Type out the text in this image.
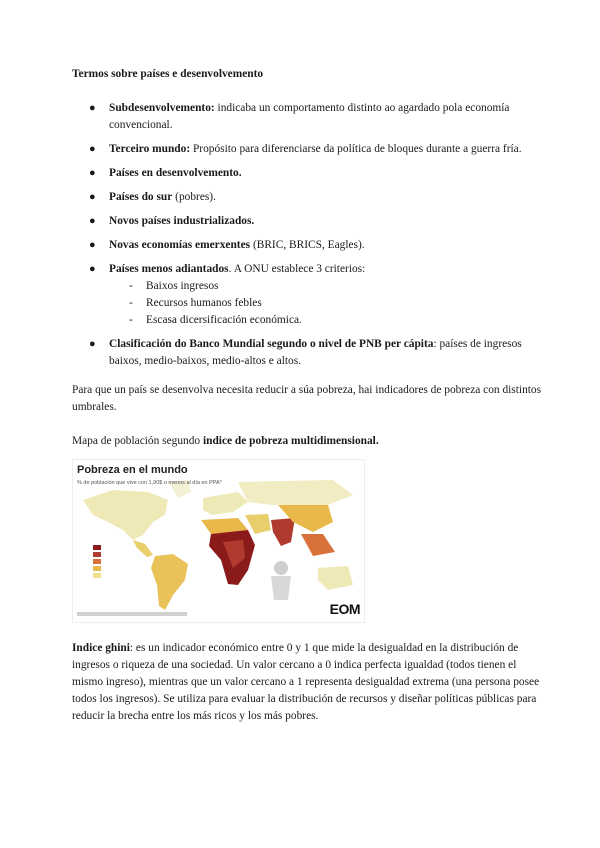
Termos sobre países e desenvolvemento

● Subdesenvolvemento: indicaba un comportamento distinto ao agardado pola economía convencional.
● Terceiro mundo: Propósito para diferenciarse da política de bloques durante a guerra fría.
● Países en desenvolvemento.
● Países do sur (pobres).
● Novos países industrializados.
● Novas economías emerxentes (BRIC, BRICS, Eagles).
● Países menos adiantados. A ONU establece 3 criterios:
- Baixos ingresos
- Recursos humanos febles
- Escasa dicersificación económica.
● Clasificación do Banco Mundial segundo o nivel de PNB per cápita: países de ingresos baixos, medio-baixos, medio-altos e altos.

Para que un país se desenvolva necesita reducir a súa pobreza, hai indicadores de pobreza con distintos umbrales.

Mapa de población segundo indice de pobreza multidimensional.

Pobreza en el mundo
% de población que vive con 1,90$ o menos al día en PPA*
EOM

Indice ghini: es un indicador económico entre 0 y 1 que mide la desigualdad en la distribución de ingresos o riqueza de una sociedad. Un valor cercano a 0 indica perfecta igualdad (todos tienen el mismo ingreso), mientras que un valor cercano a 1 representa desigualdad extrema (una persona posee todos los ingresos). Se utiliza para evaluar la distribución de recursos y diseñar políticas públicas para reducir la brecha entre los más ricos y los más pobres.
